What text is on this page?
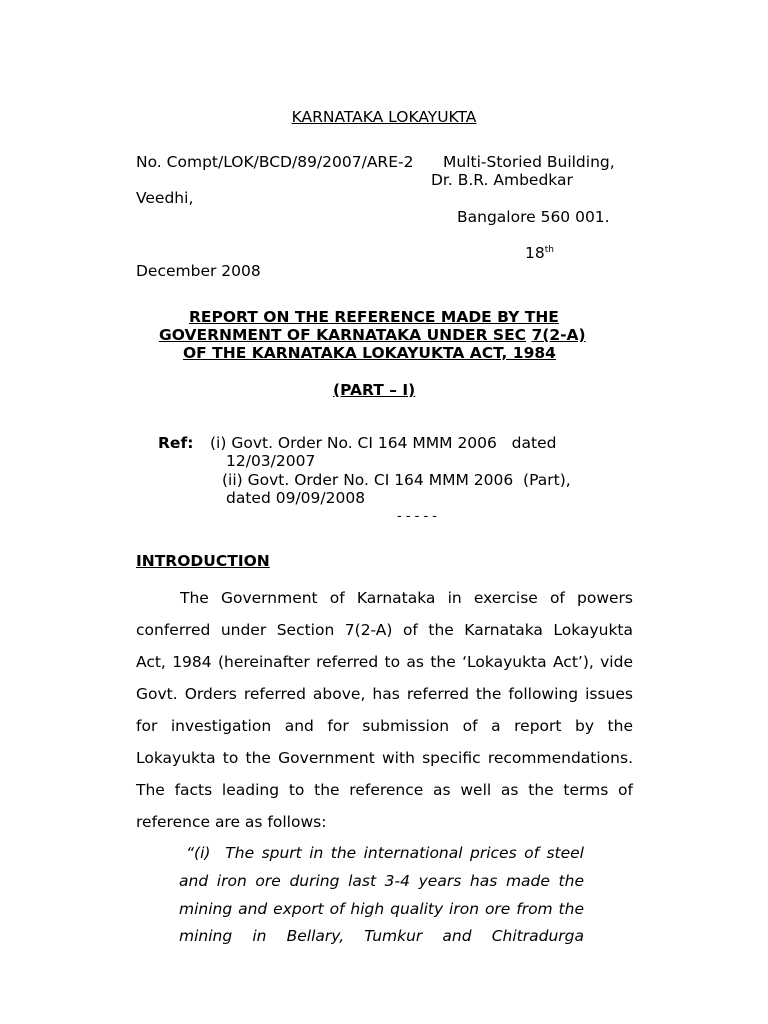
KARNATAKA LOKAYUKTA
No. Compt/LOK/BCD/89/2007/ARE-2 Multi-Storied Building,
Dr. B.R. Ambedkar
Veedhi,
Bangalore 560 001.
18th
December 2008
REPORT ON THE REFERENCE MADE BY THE
GOVERNMENT OF KARNATAKA UNDER SEC 7(2-A)
OF THE KARNATAKA LOKAYUKTA ACT, 1984
(PART – I)
Ref: (i) Govt. Order No. CI 164 MMM 2006   dated
12/03/2007
(ii) Govt. Order No. CI 164 MMM 2006  (Part),
dated 09/09/2008
- - - - -
INTRODUCTION
The Government of Karnataka in exercise of powers
conferred under Section 7(2-A) of the Karnataka Lokayukta
Act, 1984 (hereinafter referred to as the ‘Lokayukta Act’), vide
Govt. Orders referred above, has referred the following issues
for investigation and for submission of a report by the
Lokayukta to the Government with specific recommendations.
The facts leading to the reference as well as the terms of
reference are as follows:
“(i)  The spurt in the international prices of steel
and iron ore during last 3-4 years has made the
mining and export of high quality iron ore from the
mining in Bellary, Tumkur and Chitradurga
